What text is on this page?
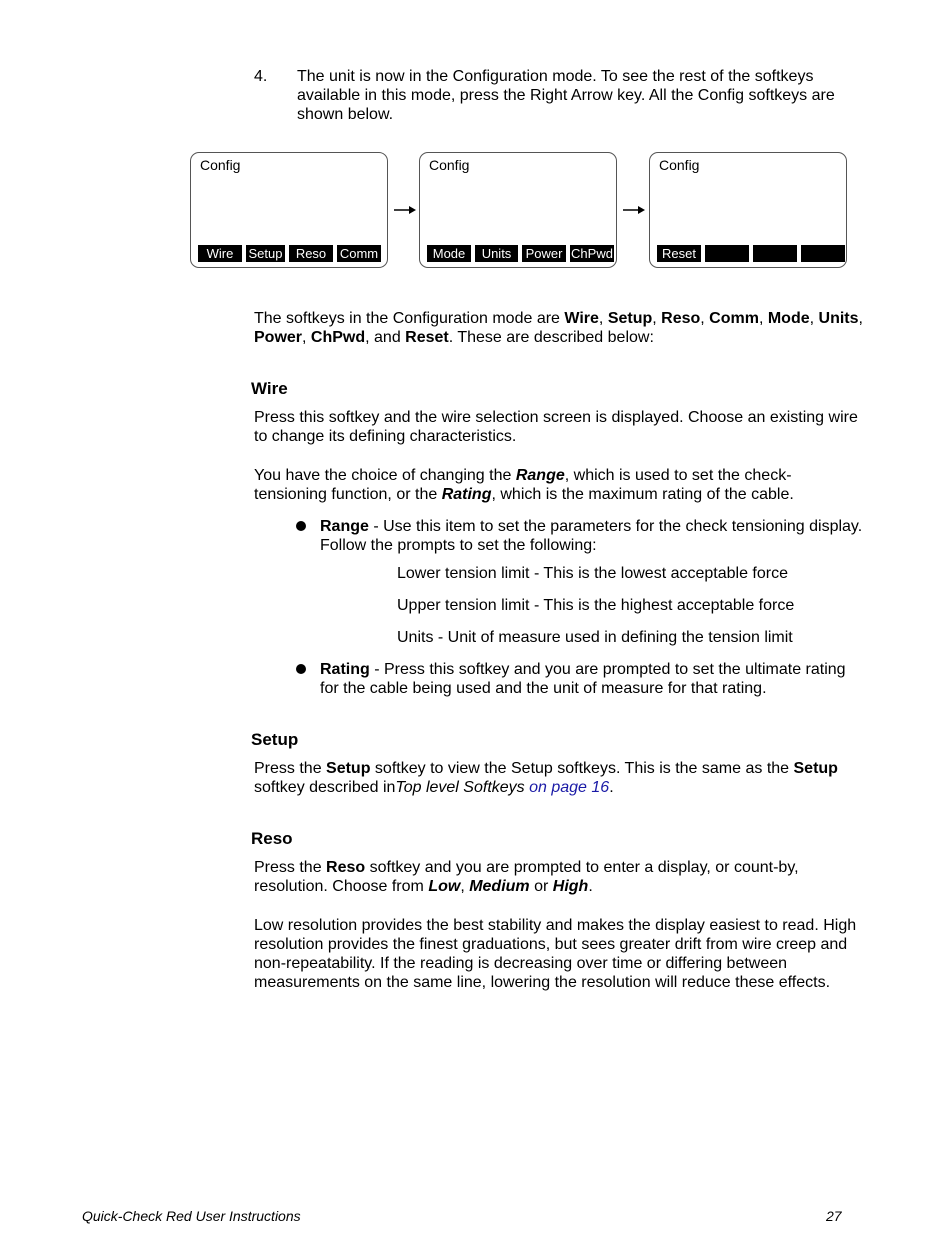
4. The unit is now in the Configuration mode. To see the rest of the softkeys available in this mode, press the Right Arrow key. All the Config softkeys are shown below.
Config
Wire	Setup	Reso	Comm
Config
Mode	Units	Power ChPwd
Config
Reset

The softkeys in the Configuration mode are Wire, Setup, Reso, Comm, Mode, Units, Power, ChPwd, and Reset. These are described below:

Wire

Press this softkey and the wire selection screen is displayed. Choose an existing wire to change its defining characteristics.

You have the choice of changing the Range, which is used to set the check-tensioning function, or the Rating, which is the maximum rating of the cable.

Range - Use this item to set the parameters for the check tensioning display. Follow the prompts to set the following:

Lower tension limit - This is the lowest acceptable force

Upper tension limit - This is the highest acceptable force

Units - Unit of measure used in defining the tension limit

Rating - Press this softkey and you are prompted to set the ultimate rating for the cable being used and the unit of measure for that rating.

Setup

Press the Setup softkey to view the Setup softkeys. This is the same as the Setup softkey described inTop level Softkeys on page 16.

Reso

Press the Reso softkey and you are prompted to enter a display, or count-by, resolution. Choose from Low, Medium or High.

Low resolution provides the best stability and makes the display easiest to read. High resolution provides the finest graduations, but sees greater drift from wire creep and non-repeatability. If the reading is decreasing over time or differing between measurements on the same line, lowering the resolution will reduce these effects.

Quick-Check Red User Instructions	27
